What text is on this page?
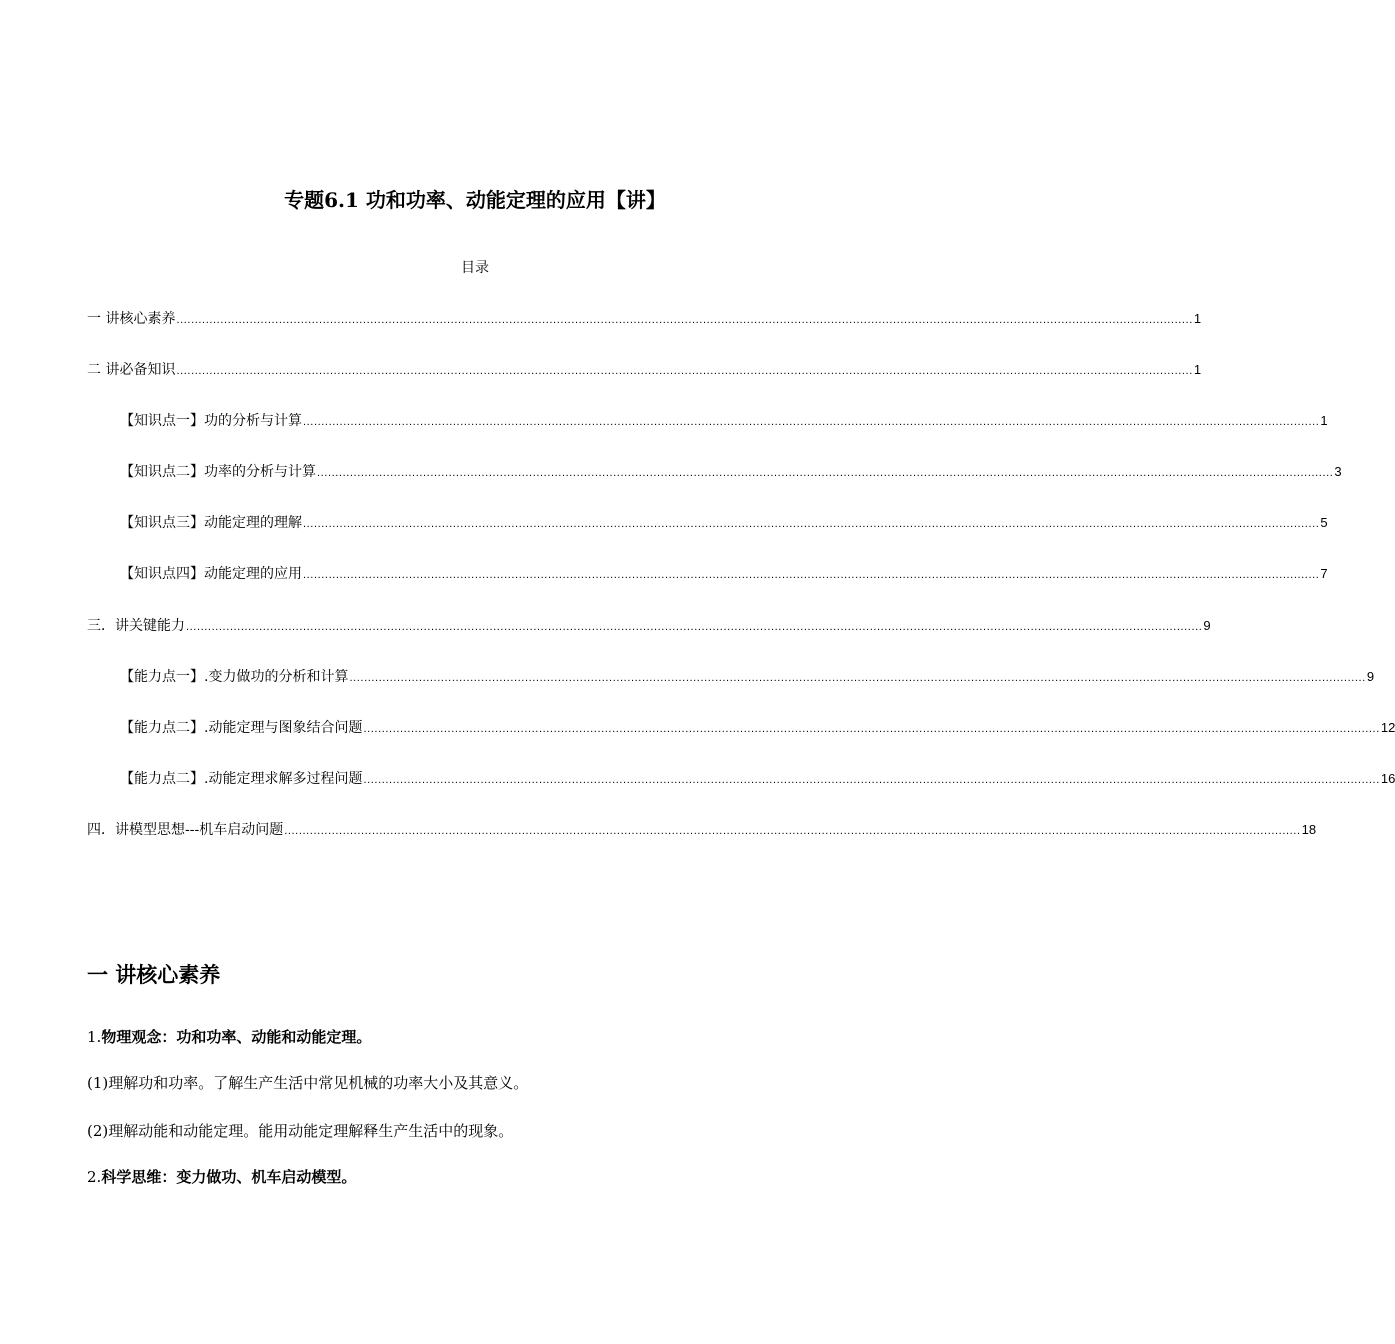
专题6.1 功和功率、动能定理的应用【讲】
目录
一 讲核心素养 ...................................................................................................................................................................................................................................................................................... 1
二 讲必备知识 ...................................................................................................................................................................................................................................................................................... 1
【知识点一】功的分析与计算 ...................................................................................................................................................................................................................................................................................... 1
【知识点二】功率的分析与计算 ...................................................................................................................................................................................................................................................................................... 3
【知识点三】动能定理的理解 ...................................................................................................................................................................................................................................................................................... 5
【知识点四】动能定理的应用 ...................................................................................................................................................................................................................................................................................... 7
三．讲关键能力 ...................................................................................................................................................................................................................................................................................... 9
【能力点一】.变力做功的分析和计算 ...................................................................................................................................................................................................................................................................................... 9
【能力点二】.动能定理与图象结合问题 ...................................................................................................................................................................................................................................................................................... 12
【能力点二】.动能定理求解多过程问题 ...................................................................................................................................................................................................................................................................................... 16
四．讲模型思想---机车启动问题 ...................................................................................................................................................................................................................................................................................... 18
一 讲核心素养
1.物理观念：功和功率、动能和动能定理。
(1)理解功和功率。了解生产生活中常见机械的功率大小及其意义。
(2)理解动能和动能定理。能用动能定理解释生产生活中的现象。
2.科学思维：变力做功、机车启动模型。
